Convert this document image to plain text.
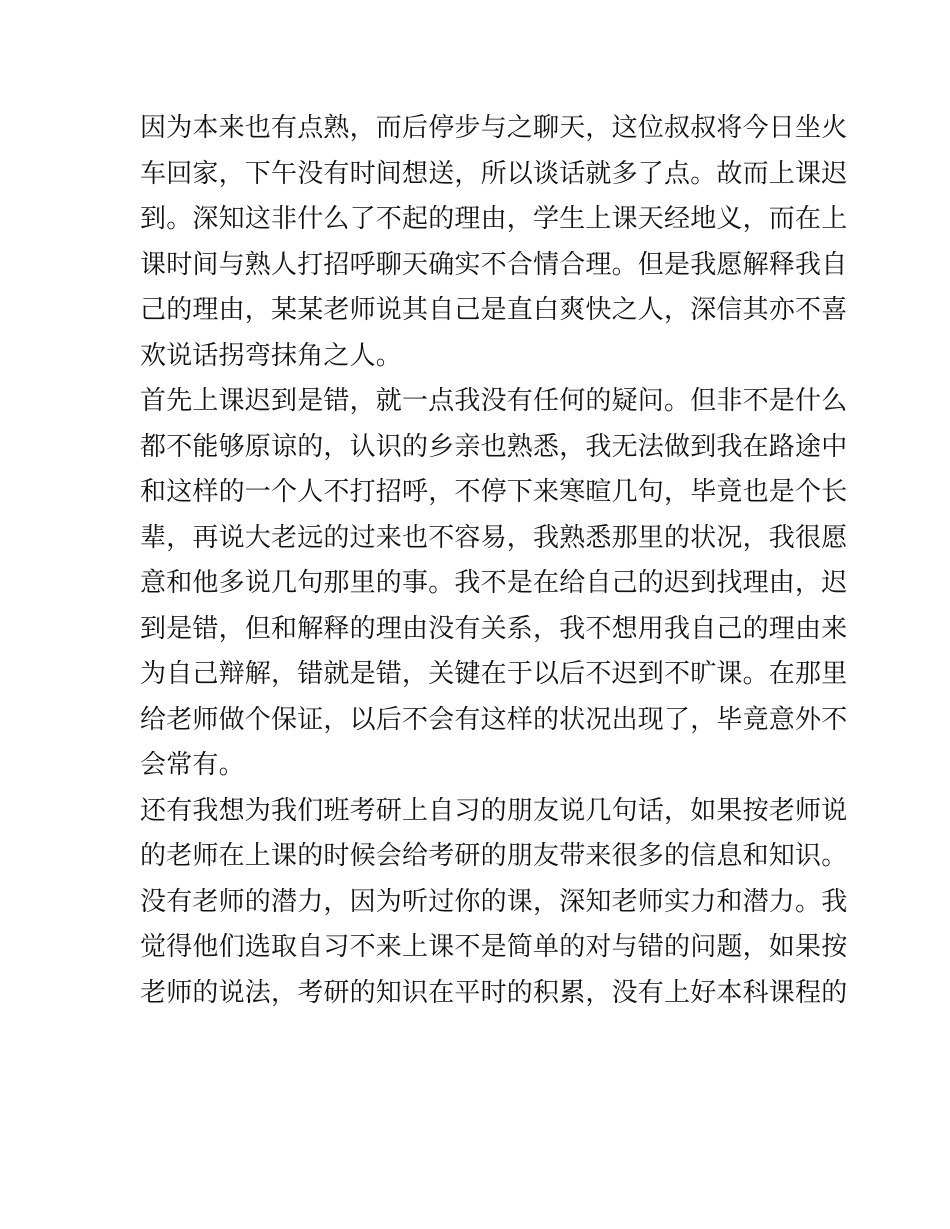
因为本来也有点熟，而后停步与之聊天，这位叔叔将今日坐火
车回家，下午没有时间想送，所以谈话就多了点。故而上课迟
到。深知这非什么了不起的理由，学生上课天经地义，而在上
课时间与熟人打招呼聊天确实不合情合理。但是我愿解释我自
己的理由，某某老师说其自己是直白爽快之人，深信其亦不喜
欢说话拐弯抹角之人。
首先上课迟到是错，就一点我没有任何的疑问。但非不是什么
都不能够原谅的，认识的乡亲也熟悉，我无法做到我在路途中
和这样的一个人不打招呼，不停下来寒暄几句，毕竟也是个长
辈，再说大老远的过来也不容易，我熟悉那里的状况，我很愿
意和他多说几句那里的事。我不是在给自己的迟到找理由，迟
到是错，但和解释的理由没有关系，我不想用我自己的理由来
为自己辩解，错就是错，关键在于以后不迟到不旷课。在那里
给老师做个保证，以后不会有这样的状况出现了，毕竟意外不
会常有。
还有我想为我们班考研上自习的朋友说几句话，如果按老师说
的老师在上课的时候会给考研的朋友带来很多的信息和知识。
没有老师的潜力，因为听过你的课，深知老师实力和潜力。我
觉得他们选取自习不来上课不是简单的对与错的问题，如果按
老师的说法，考研的知识在平时的积累，没有上好本科课程的
